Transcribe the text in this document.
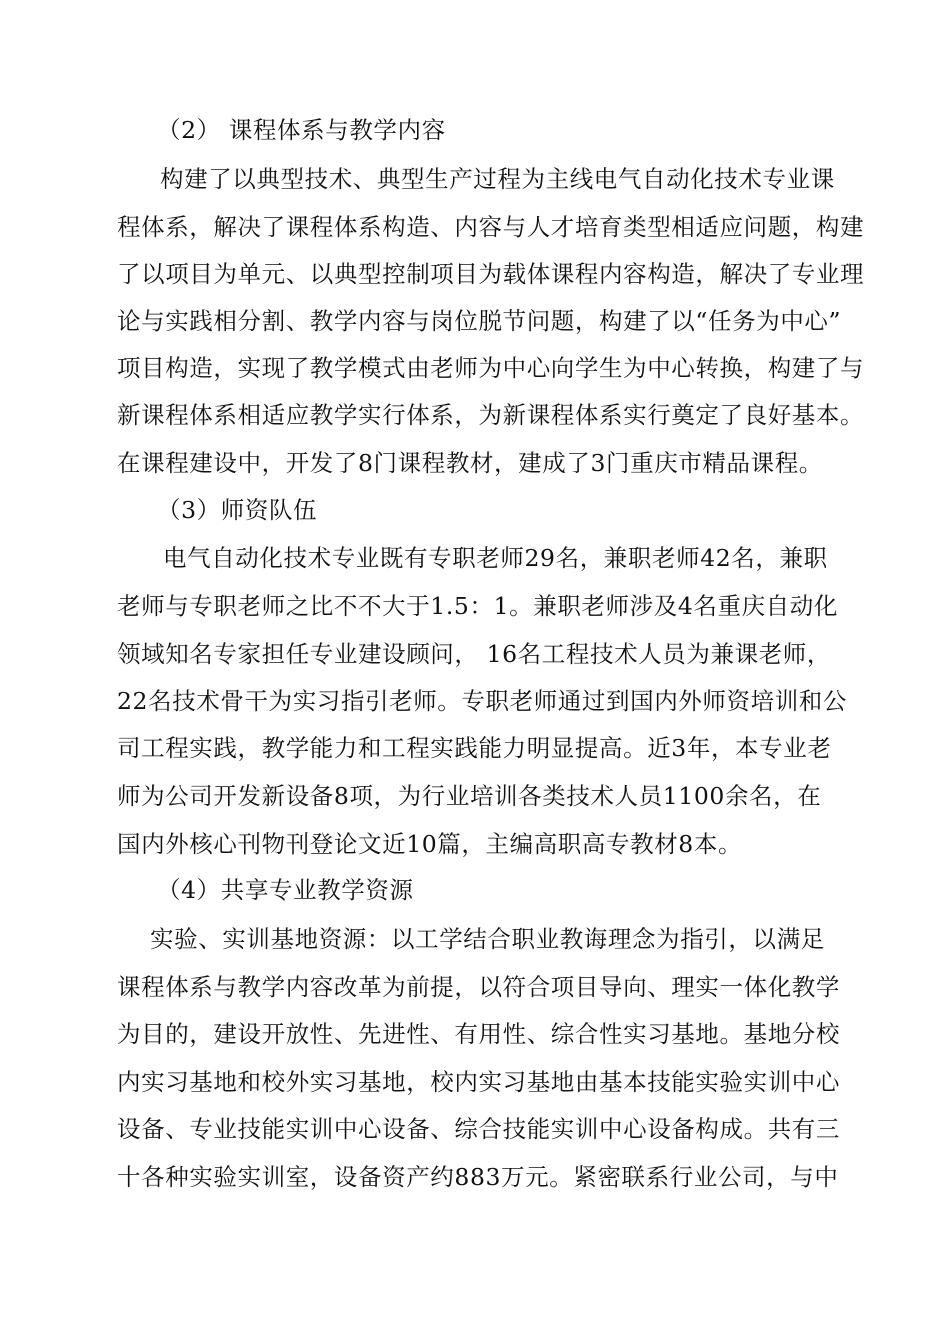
（2） 课程体系与教学内容
构建了以典型技术、典型生产过程为主线电气自动化技术专业课
程体系，解决了课程体系构造、内容与人才培育类型相适应问题，构建
了以项目为单元、以典型控制项目为载体课程内容构造，解决了专业理
论与实践相分割、教学内容与岗位脱节问题，构建了以“任务为中心”
项目构造，实现了教学模式由老师为中心向学生为中心转换，构建了与
新课程体系相适应教学实行体系，为新课程体系实行奠定了良好基本。
在课程建设中，开发了8门课程教材，建成了3门重庆市精品课程。
（3）师资队伍
电气自动化技术专业既有专职老师29名，兼职老师42名，兼职
老师与专职老师之比不不大于1.5：1。兼职老师涉及4名重庆自动化
领域知名专家担任专业建设顾问， 16名工程技术人员为兼课老师，
22名技术骨干为实习指引老师。专职老师通过到国内外师资培训和公
司工程实践，教学能力和工程实践能力明显提高。近3年，本专业老
师为公司开发新设备8项，为行业培训各类技术人员1100余名，在
国内外核心刊物刊登论文近10篇，主编高职高专教材8本。
（4）共享专业教学资源
实验、实训基地资源：以工学结合职业教诲理念为指引，以满足
课程体系与教学内容改革为前提，以符合项目导向、理实一体化教学
为目的，建设开放性、先进性、有用性、综合性实习基地。基地分校
内实习基地和校外实习基地，校内实习基地由基本技能实验实训中心
设备、专业技能实训中心设备、综合技能实训中心设备构成。共有三
十各种实验实训室，设备资产约883万元。紧密联系行业公司，与中
